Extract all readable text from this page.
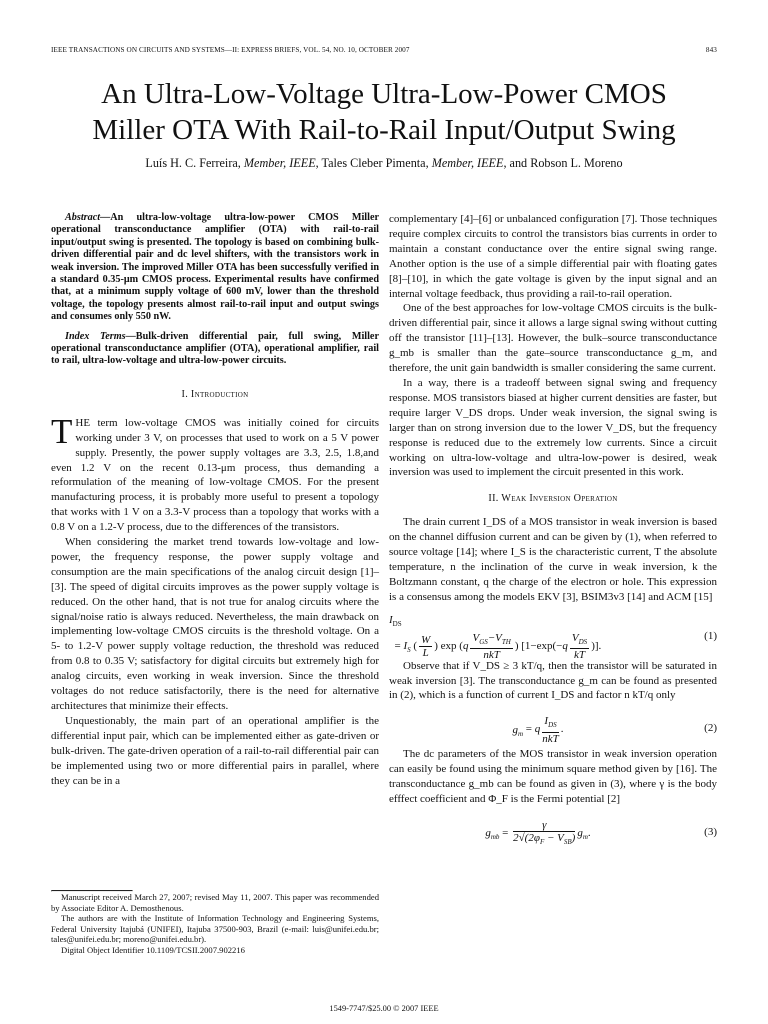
IEEE TRANSACTIONS ON CIRCUITS AND SYSTEMS—II: EXPRESS BRIEFS, VOL. 54, NO. 10, OCTOBER 2007	843
An Ultra-Low-Voltage Ultra-Low-Power CMOS
Miller OTA With Rail-to-Rail Input/Output Swing
Luís H. C. Ferreira, Member, IEEE, Tales Cleber Pimenta, Member, IEEE, and Robson L. Moreno

Abstract—An ultra-low-voltage ultra-low-power CMOS Miller operational transconductance amplifier (OTA) with rail-to-rail input/output swing is presented. The topology is based on combining bulk-driven differential pair and dc level shifters, with the transistors work in weak inversion. The improved Miller OTA has been successfully verified in a standard 0.35-μm CMOS process. Experimental results have confirmed that, at a minimum supply voltage of 600 mV, lower than the threshold voltage, the topology presents almost rail-to-rail input and output swings and consumes only 550 nW.

Index Terms—Bulk-driven differential pair, full swing, Miller operational transconductance amplifier (OTA), operational amplifier, rail to rail, ultra-low-voltage and ultra-low-power circuits.

I. Introduction

THE term low-voltage CMOS was initially coined for circuits working under 3 V, on processes that used to work on a 5 V power supply. Presently, the power supply voltages are 3.3, 2.5, 1.8,and even 1.2 V on the recent 0.13-μm process, thus demanding a reformulation of the meaning of low-voltage CMOS. For the present manufacturing process, it is probably more useful to present a topology that works with 1 V on a 3.3-V process than a topology that works with a 0.8 V on a 1.2-V process, due to the differences of the transistors.

When considering the market trend towards low-voltage and low-power, the frequency response, the power supply voltage and consumption are the main specifications of the analog circuit design [1]–[3]. The speed of digital circuits improves as the power supply voltage is reduced. On the other hand, that is not true for analog circuits where the signal/noise ratio is always reduced. Nevertheless, the main drawback on implementing low-voltage CMOS circuits is the threshold voltage. On a 5- to 1.2-V power supply voltage reduction, the threshold was reduced from 0.8 to 0.35 V; satisfactory for digital circuits but extremely high for analog circuits, even working in weak inversion. Since the threshold voltages do not reduce satisfactorily, there is the need for alternative architectures that minimize their effects.

Unquestionably, the main part of an operational amplifier is the differential input pair, which can be implemented either as gate-driven or bulk-driven. The gate-driven operation of a rail-to-rail differential pair can be implemented using two or more differential pairs in parallel, where they can be in a

Manuscript received March 27, 2007; revised May 11, 2007. This paper was recommended by Associate Editor A. Demosthenous.

The authors are with the Institute of Information Technology and Engineering Systems, Federal University Itajubá (UNIFEI), Itajuba 37500-903, Brazil (e-mail: luis@unifei.edu.br; tales@unifei.edu.br; moreno@unifei.edu.br).

Digital Object Identifier 10.1109/TCSII.2007.902216

complementary [4]–[6] or unbalanced configuration [7]. Those techniques require complex circuits to control the transistors bias currents in order to maintain a constant conductance over the entire signal swing range. Another option is the use of a simple differential pair with floating gates [8]–[10], in which the gate voltage is given by the input signal and an internal voltage feedback, thus providing a rail-to-rail operation.

One of the best approaches for low-voltage CMOS circuits is the bulk-driven differential pair, since it allows a large signal swing without cutting off the transistor [11]–[13]. However, the bulk–source transconductance g_mb is smaller than the gate–source transconductance g_m, and therefore, the unit gain bandwidth is smaller considering the same current.

In a way, there is a tradeoff between signal swing and frequency response. MOS transistors biased at higher current densities are faster, but require larger V_DS drops. Under weak inversion, the signal swing is larger than on strong inversion due to the lower V_DS, but the frequency response is reduced due to the extremely low currents. Since a circuit working on ultra-low-voltage and ultra-low-power is desired, weak inversion was used to implement the circuit presented in this work.

II. Weak Inversion Operation

The drain current I_DS of a MOS transistor in weak inversion is based on the channel diffusion current and can be given by (1), when referred to source voltage [14]; where I_S is the characteristic current, T the absolute temperature, n the inclination of the curve in weak inversion, k the Boltzmann constant, q the charge of the electron or hole. This expression is a consensus among the models EKV [3], BSIM3v3 [14] and ACM [15]

$I_{DS}$
= $I_S$ ( $\frac{W}{L}$ ) $\exp (q \frac{V_{GS}-V_{TH}}{\text{nkT}}$ ) [$1-\exp(-q \frac{V_{DS}}{kT}$ )].
(1)

Observe that if V_DS ≥ 3 kT/q, then the transistor will be saturated in weak inversion [3]. The transconductance g_m can be found as presented in (2), which is a function of current I_DS and factor n kT/q only

$g_m = q \frac{I_{DS}}{\text{nkT}}$ .	(2)

The dc parameters of the MOS transistor in weak inversion operation can easily be found using the minimum square method given by [16]. The transconductance g_mb can be found as given in (3), where γ is the body efffect coefficient and Φ_F is the Fermi potential [2]

$g_{mb} = \frac{\gamma}{2√(2\varphi_F - V_{SB})} g_m$.	(3)
1549-7747/$25.00 © 2007 IEEE
